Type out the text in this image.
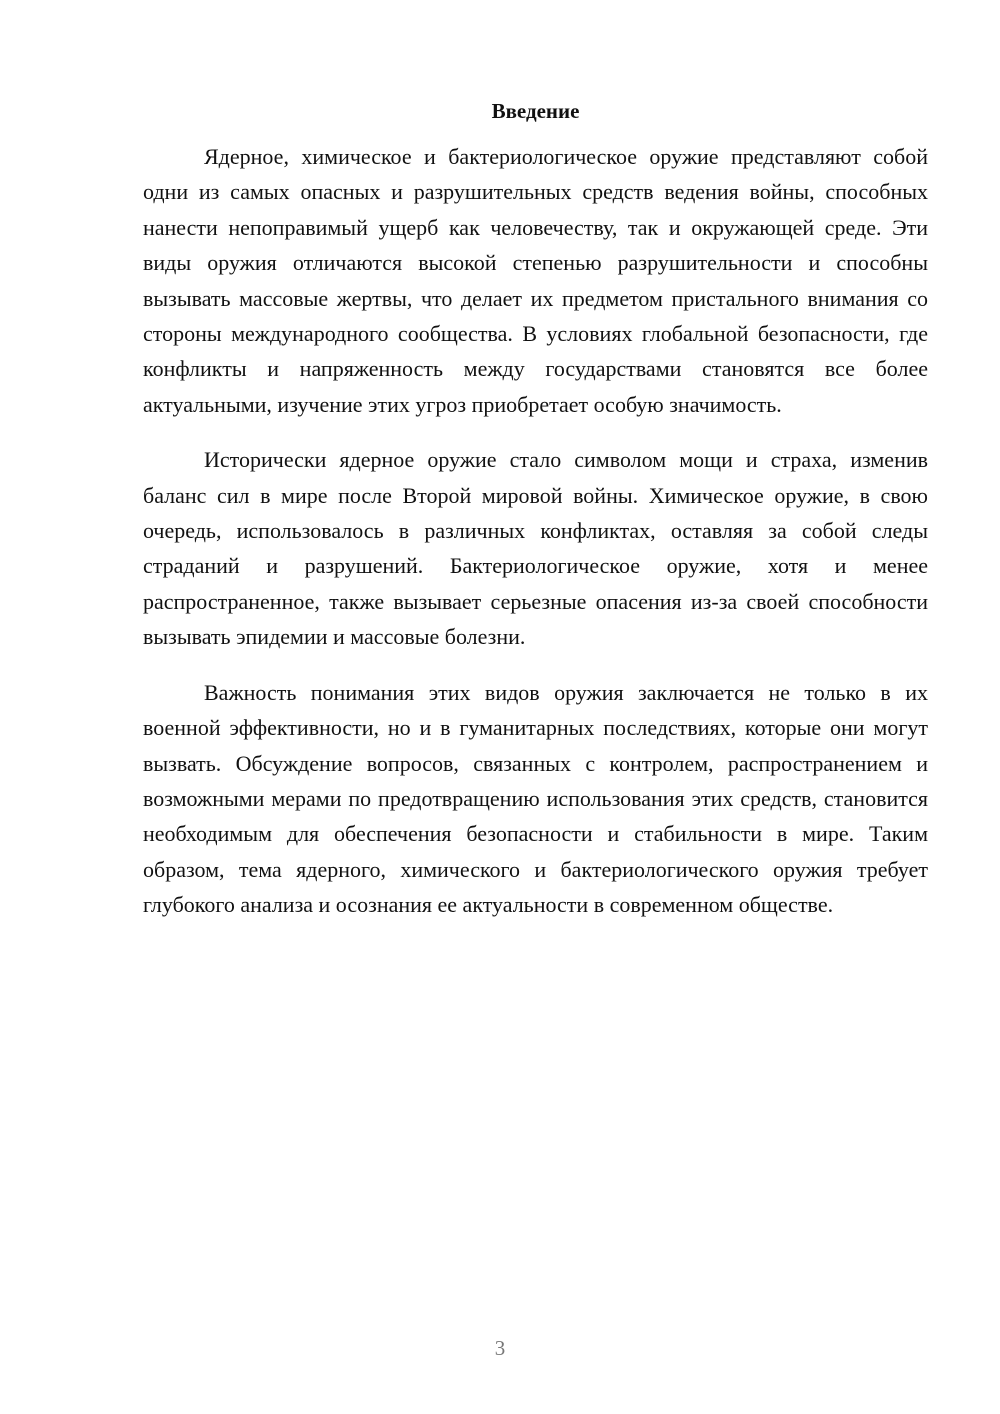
Введение

Ядерное, химическое и бактериологическое оружие представляют собой одни из самых опасных и разрушительных средств ведения войны, способных нанести непоправимый ущерб как человечеству, так и окружающей среде. Эти виды оружия отличаются высокой степенью разрушительности и способны вызывать массовые жертвы, что делает их предметом пристального внимания со стороны международного сообщества. В условиях глобальной безопасности, где конфликты и напряженность между государствами становятся все более актуальными, изучение этих угроз приобретает особую значимость.

Исторически ядерное оружие стало символом мощи и страха, изменив баланс сил в мире после Второй мировой войны. Химическое оружие, в свою очередь, использовалось в различных конфликтах, оставляя за собой следы страданий и разрушений. Бактериологическое оружие, хотя и менее распространенное, также вызывает серьезные опасения из-за своей способности вызывать эпидемии и массовые болезни.

Важность понимания этих видов оружия заключается не только в их военной эффективности, но и в гуманитарных последствиях, которые они могут вызвать. Обсуждение вопросов, связанных с контролем, распространением и возможными мерами по предотвращению использования этих средств, становится необходимым для обеспечения безопасности и стабильности в мире. Таким образом, тема ядерного, химического и бактериологического оружия требует глубокого анализа и осознания ее актуальности в современном обществе.

3
